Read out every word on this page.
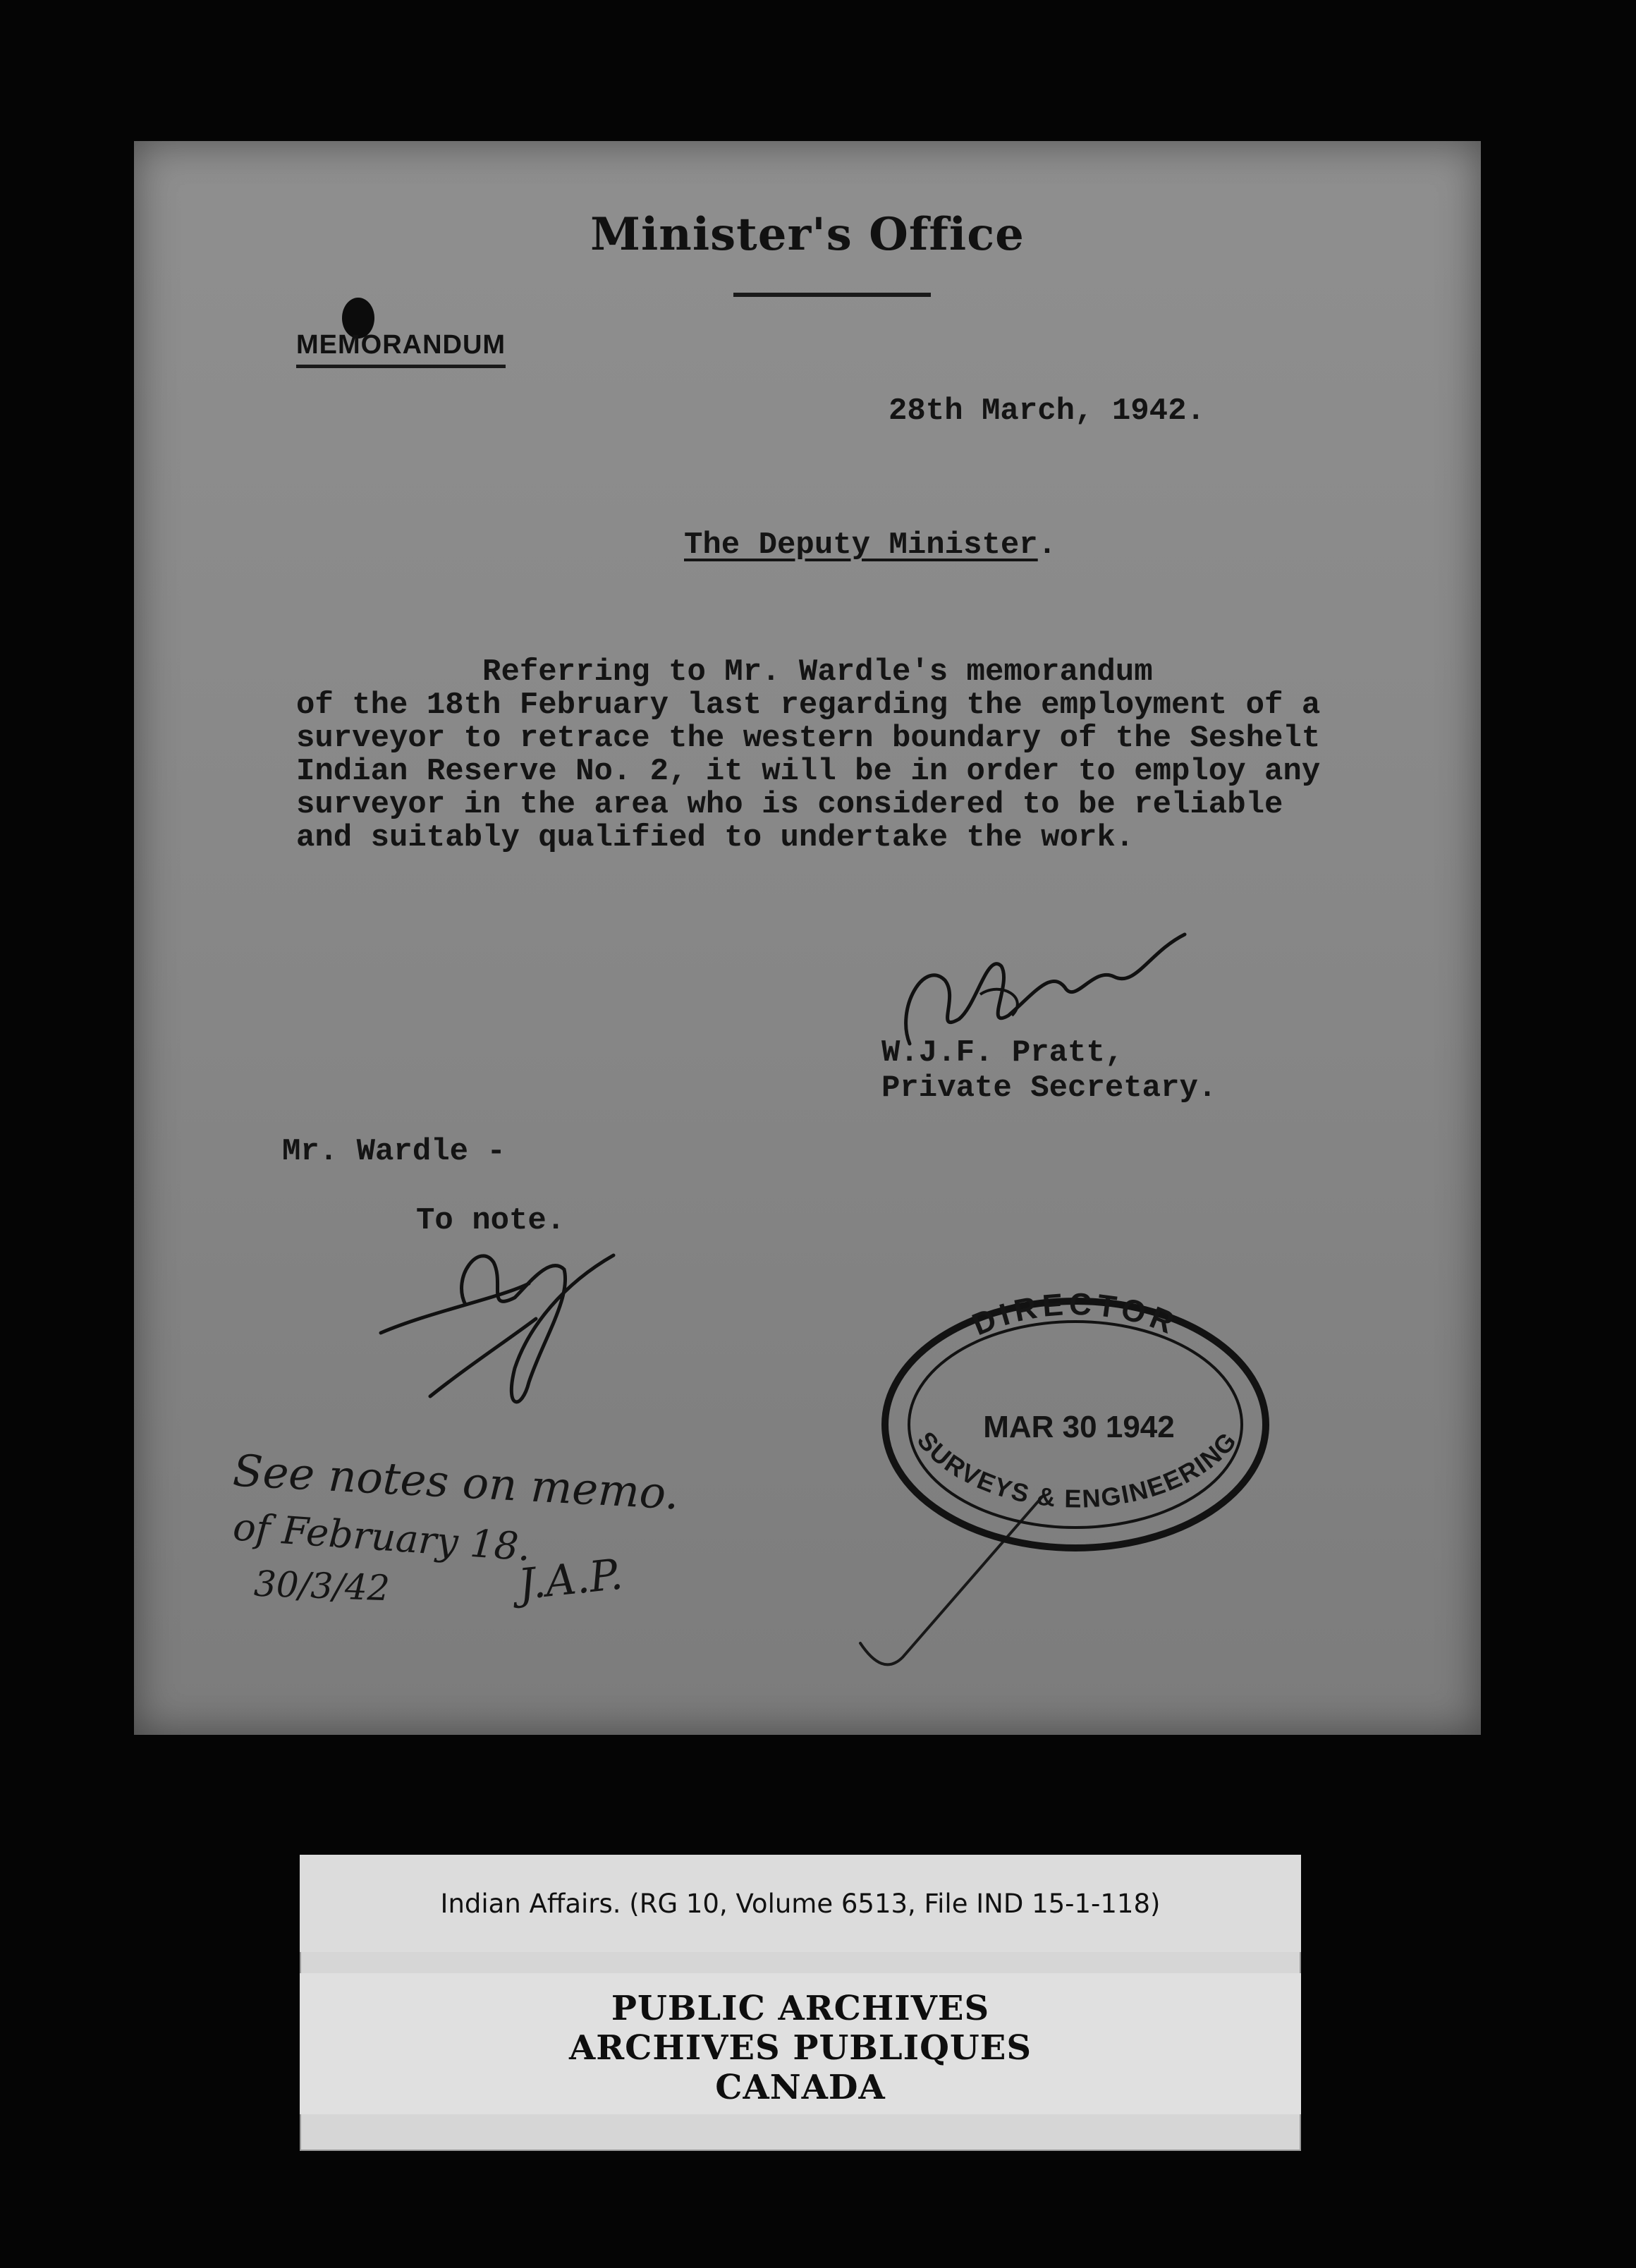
Minister's Office
MEMORANDUM
28th March, 1942.
The Deputy Minister.
Referring to Mr. Wardle's memorandum
of the 18th February last regarding the employment of a
surveyor to retrace the western boundary of the Seshelt
Indian Reserve No. 2, it will be in order to employ any
surveyor in the area who is considered to be reliable
and suitably qualified to undertake the work.
W.J.F. Pratt,
Private Secretary.
Mr. Wardle -
To note.
See notes on memo.
of February 18.
30/3/42	J.A.P.
DIRECTOR
SURVEYS & ENGINEERING
MAR 30 1942
Indian Affairs. (RG 10, Volume 6513, File IND 15-1-118)
PUBLIC ARCHIVES
ARCHIVES PUBLIQUES
CANADA
